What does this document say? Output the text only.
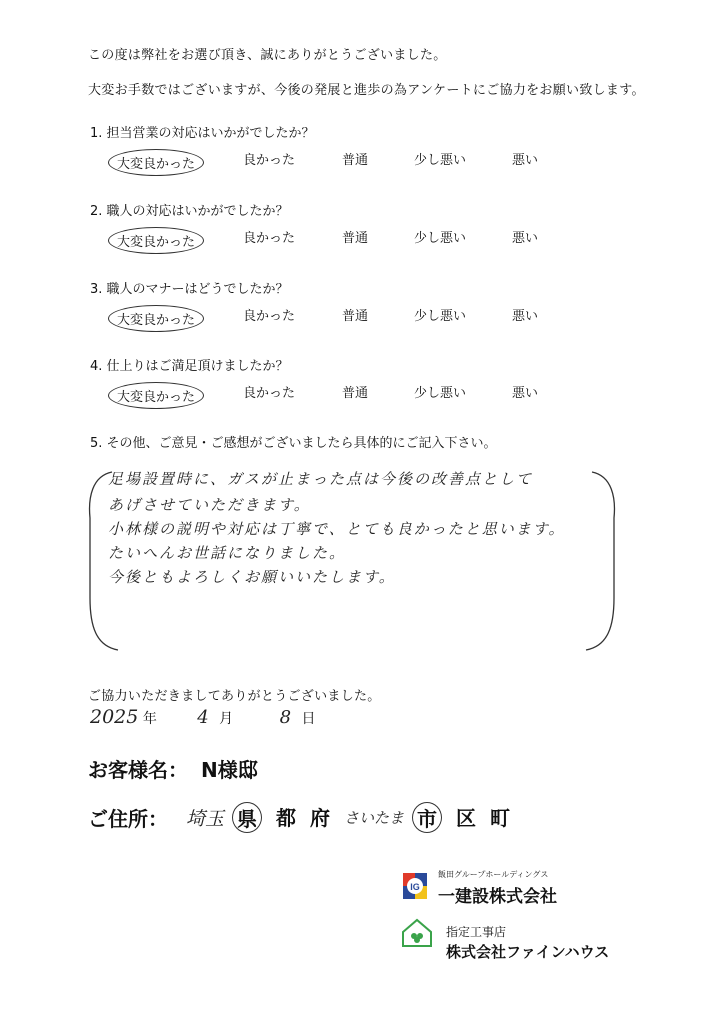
この度は弊社をお選び頂き、誠にありがとうございました。
大変お手数ではございますが、今後の発展と進歩の為アンケートにご協力をお願い致します。
1. 担当営業の対応はいかがでしたか？
大変良かった	良かった	普通	少し悪い	悪い
2. 職人の対応はいかがでしたか？
大変良かった	良かった	普通	少し悪い	悪い
3. 職人のマナーはどうでしたか？
大変良かった	良かった	普通	少し悪い	悪い
4. 仕上りはご満足頂けましたか？
大変良かった	良かった	普通	少し悪い	悪い
5. その他、ご意見・ご感想がございましたら具体的にご記入下さい。
足場設置時に、ガスが止まった点は今後の改善点として
あげさせていただきます。
小林様の説明や対応は丁寧で、とても良かったと思います。
たいへんお世話になりました。
今後ともよろしくお願いいたします。
ご協力いただきましてありがとうございました。
2025 年 4 月	8 日
お客様名： N様邸
ご住所： 埼玉 県 都 府 さいたま 市 区 町
IG
飯田グループホールディングス
一建設株式会社
指定工事店
株式会社ファインハウス
